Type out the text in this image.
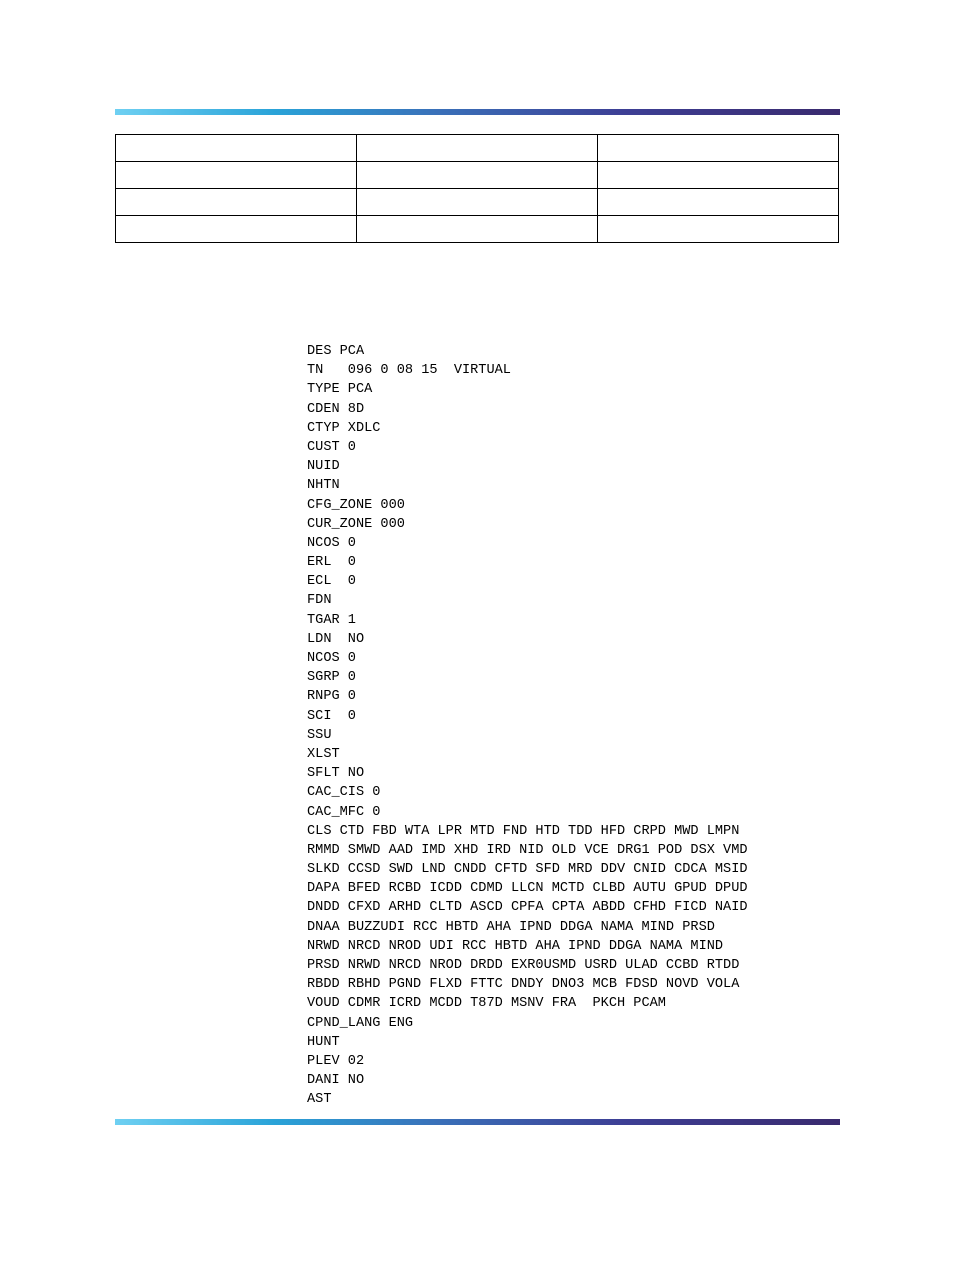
DES PCA
TN   096 0 08 15  VIRTUAL
TYPE PCA
CDEN 8D
CTYP XDLC
CUST 0
NUID
NHTN
CFG_ZONE 000
CUR_ZONE 000
NCOS 0
ERL  0
ECL  0
FDN
TGAR 1
LDN  NO
NCOS 0
SGRP 0
RNPG 0
SCI  0
SSU
XLST
SFLT NO
CAC_CIS 0
CAC_MFC 0
CLS CTD FBD WTA LPR MTD FND HTD TDD HFD CRPD MWD LMPN
RMMD SMWD AAD IMD XHD IRD NID OLD VCE DRG1 POD DSX VMD
SLKD CCSD SWD LND CNDD CFTD SFD MRD DDV CNID CDCA MSID
DAPA BFED RCBD ICDD CDMD LLCN MCTD CLBD AUTU GPUD DPUD
DNDD CFXD ARHD CLTD ASCD CPFA CPTA ABDD CFHD FICD NAID
DNAA BUZZUDI RCC HBTD AHA IPND DDGA NAMA MIND PRSD
NRWD NRCD NROD UDI RCC HBTD AHA IPND DDGA NAMA MIND
PRSD NRWD NRCD NROD DRDD EXR0USMD USRD ULAD CCBD RTDD
RBDD RBHD PGND FLXD FTTC DNDY DNO3 MCB FDSD NOVD VOLA
VOUD CDMR ICRD MCDD T87D MSNV FRA  PKCH PCAM
CPND_LANG ENG
HUNT
PLEV 02
DANI NO
AST
